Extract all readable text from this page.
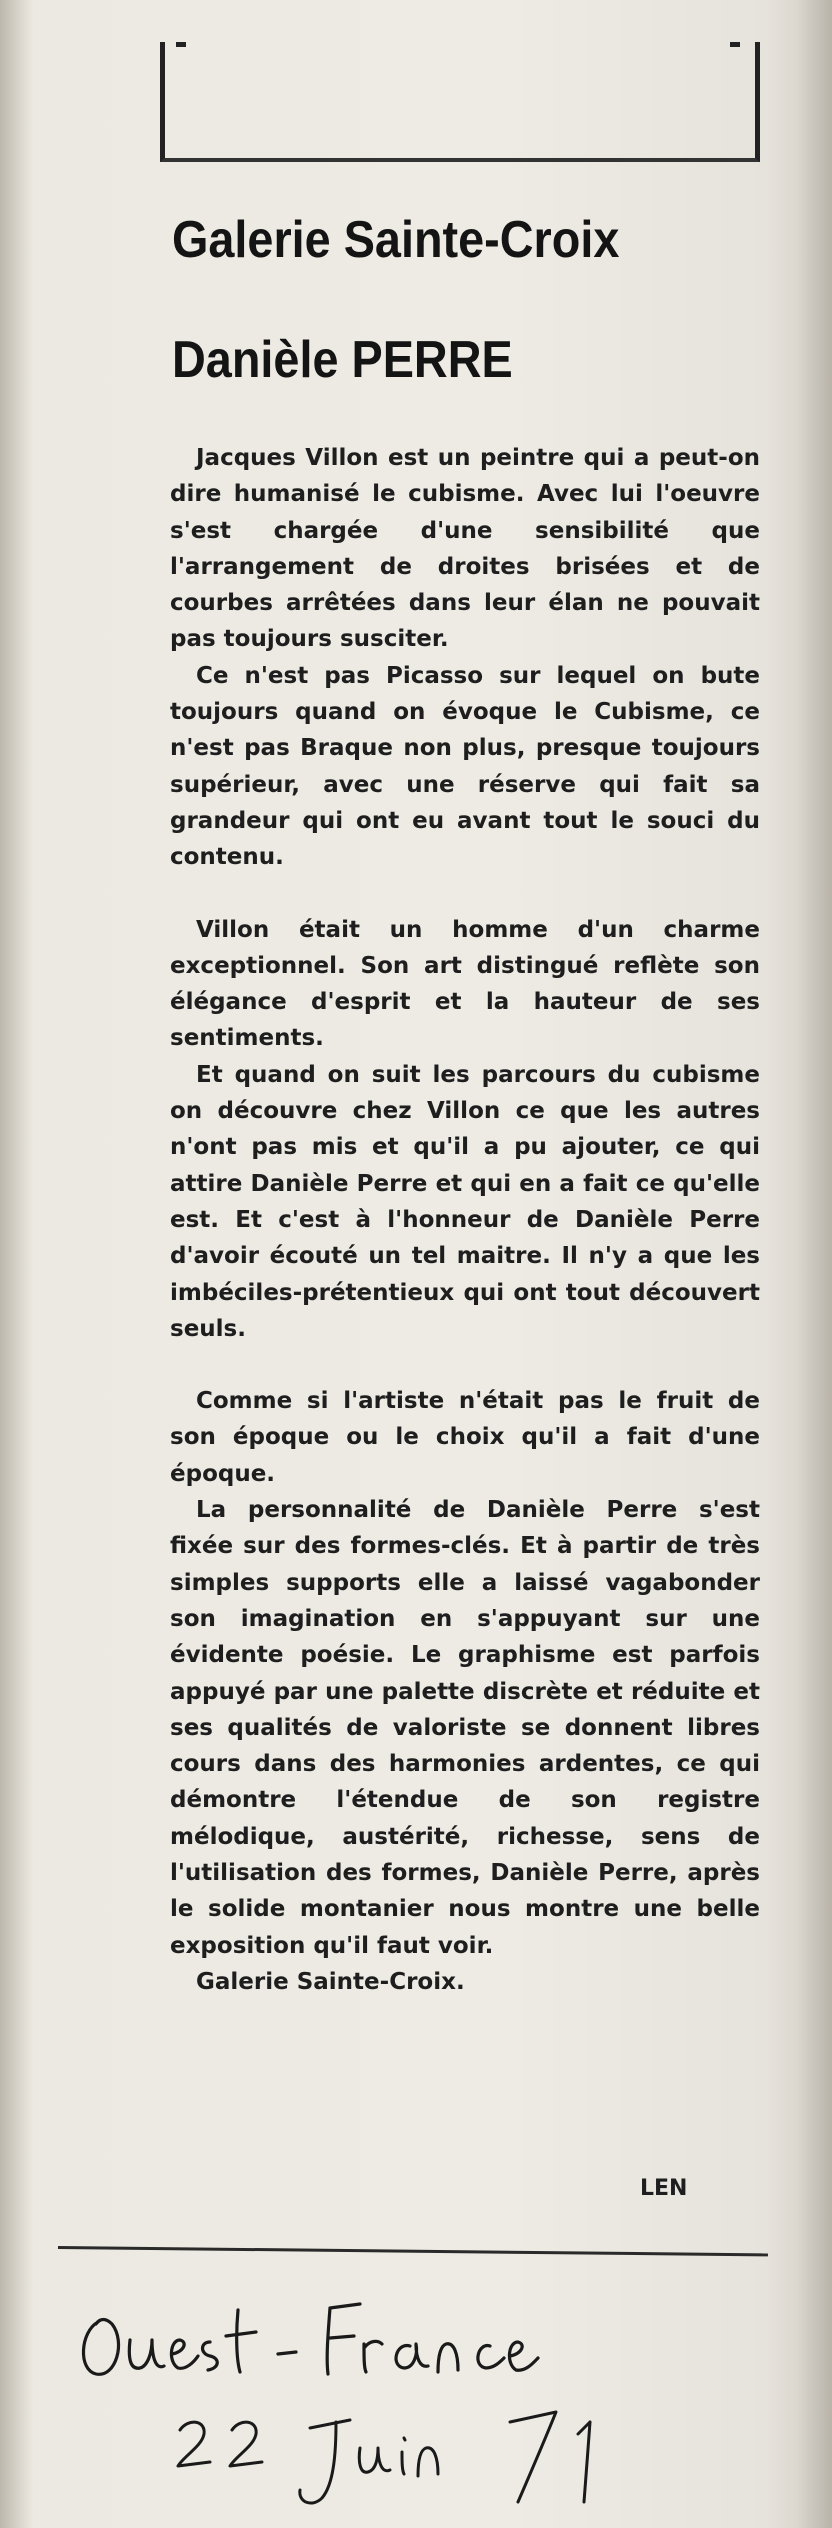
Galerie Sainte-Croix
Danièle PERRE

Jacques Villon est un peintre qui a peut-on dire humanisé le cubisme. Avec lui l'oeuvre s'est chargée d'une sensibilité que l'arrangement de droites brisées et de courbes arrêtées dans leur élan ne pouvait pas toujours susciter.

Ce n'est pas Picasso sur lequel on bute toujours quand on évoque le Cubisme, ce n'est pas Braque non plus, presque toujours supérieur, avec une réserve qui fait sa grandeur qui ont eu avant tout le souci du contenu.

Villon était un homme d'un charme exceptionnel. Son art distingué reflète son élégance d'esprit et la hauteur de ses sentiments.

Et quand on suit les parcours du cubisme on découvre chez Villon ce que les autres n'ont pas mis et qu'il a pu ajouter, ce qui attire Danièle Perre et qui en a fait ce qu'elle est. Et c'est à l'honneur de Danièle Perre d'avoir écouté un tel maitre. Il n'y a que les imbéciles-prétentieux qui ont tout découvert seuls.

Comme si l'artiste n'était pas le fruit de son époque ou le choix qu'il a fait d'une époque.

La personnalité de Danièle Perre s'est fixée sur des formes-clés. Et à partir de très simples supports elle a laissé vagabonder son imagination en s'appuyant sur une évidente poésie. Le graphisme est parfois appuyé par une palette discrète et réduite et ses qualités de valoriste se donnent libres cours dans des harmonies ardentes, ce qui démontre l'étendue de son registre mélodique, austérité, richesse, sens de l'utilisation des formes, Danièle Perre, après le solide montanier nous montre une belle exposition qu'il faut voir.

Galerie Sainte-Croix.

LEN
